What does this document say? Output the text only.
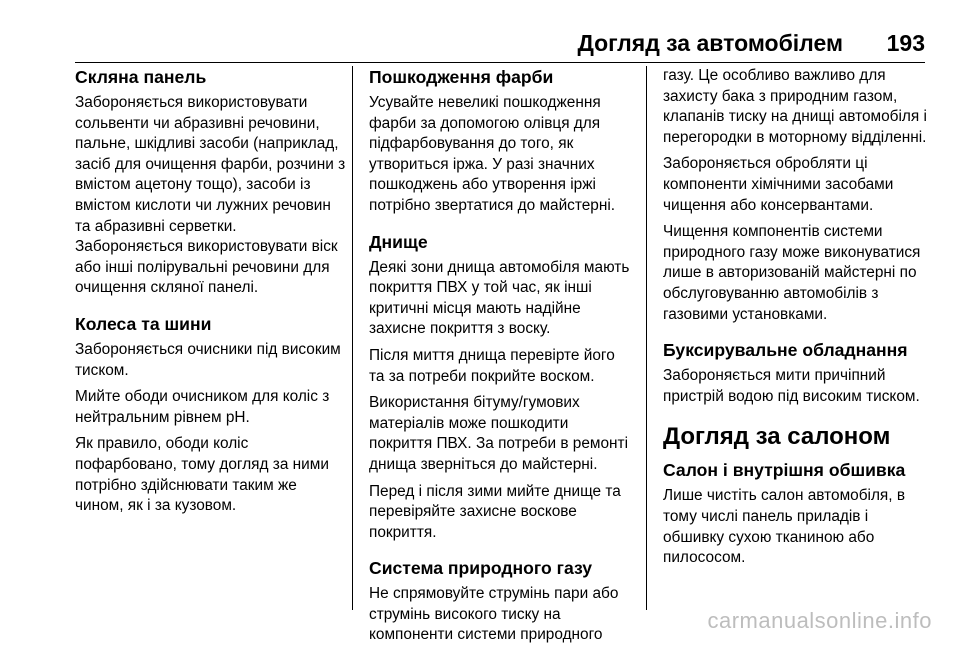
Догляд за автомобілем 193
Скляна панель
Забороняється використовувати сольвенти чи абразивні речовини, пальне, шкідливі засоби (наприклад, засіб для очищення фарби, розчини з вмістом ацетону тощо), засоби із вмістом кислоти чи лужних речовин та абразивні серветки. Забороняється використовувати віск або інші полірувальні речовини для очищення скляної панелі.
Колеса та шини
Забороняється очисники під високим тиском.
Мийте ободи очисником для коліс з нейтральним рівнем pH.
Як правило, ободи коліс пофарбовано, тому догляд за ними потрібно здійснювати таким же чином, як і за кузовом.
Пошкодження фарби
Усувайте невеликі пошкодження фарби за допомогою олівця для підфарбовування до того, як утвориться іржа. У разі значних пошкоджень або утворення іржі потрібно звертатися до майстерні.
Днище
Деякі зони днища автомобіля мають покриття ПВХ у той час, як інші критичні місця мають надійне захисне покриття з воску.
Після миття днища перевірте його та за потреби покрийте воском.
Використання бітуму/гумових матеріалів може пошкодити покриття ПВХ. За потреби в ремонті днища зверніться до майстерні.
Перед і після зими мийте днище та перевіряйте захисне воскове покриття.
Система природного газу
Не спрямовуйте струмінь пари або струмінь високого тиску на компоненти системи природного
газу. Це особливо важливо для захисту бака з природним газом, клапанів тиску на днищі автомобіля і перегородки в моторному відділенні.
Забороняється обробляти ці компоненти хімічними засобами чищення або консервантами.
Чищення компонентів системи природного газу може виконуватися лише в авторизованій майстерні по обслуговуванню автомобілів з газовими установками.
Буксирувальне обладнання
Забороняється мити причіпний пристрій водою під високим тиском.
Догляд за салоном
Салон і внутрішня обшивка
Лише чистіть салон автомобіля, в тому числі панель приладів і обшивку сухою тканиною або пилососом.
carmanualsonline.info
